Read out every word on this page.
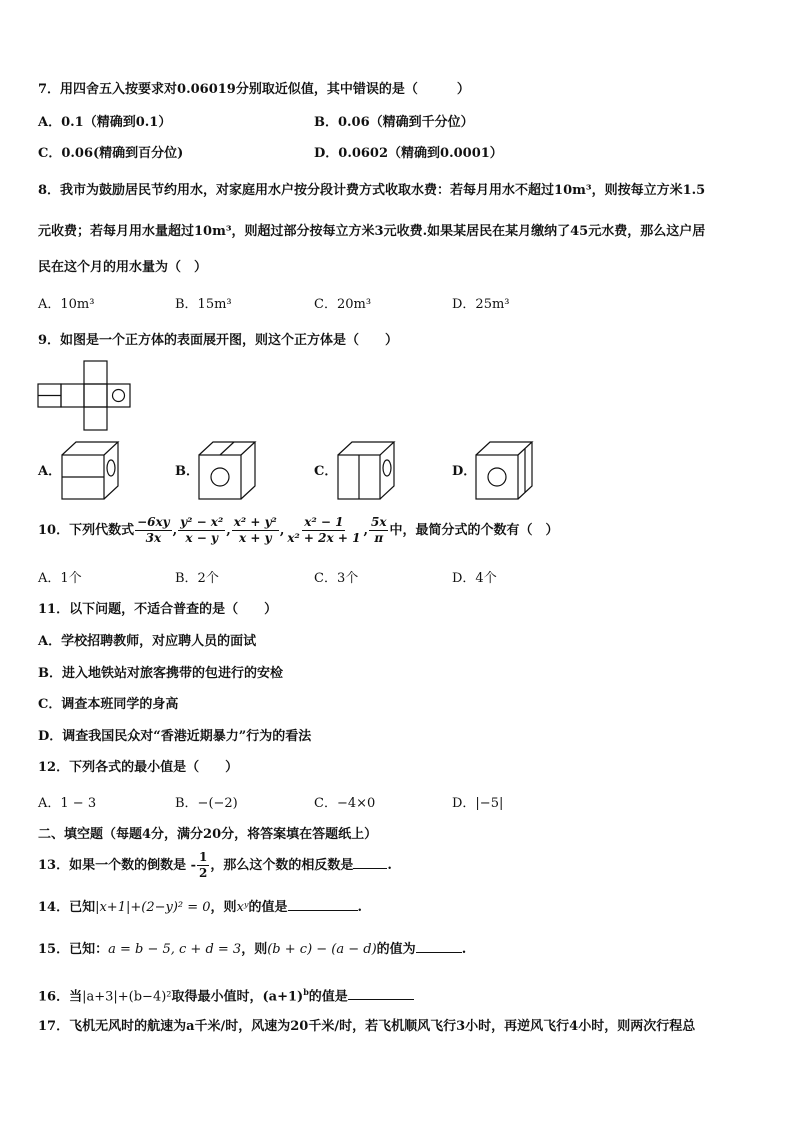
7．用四舍五入按要求对0.06019分别取近似值，其中错误的是（　　　）
A．0.1（精确到0.1）	B．0.06（精确到千分位）
C．0.06(精确到百分位)	D．0.0602（精确到0.0001）
8．我市为鼓励居民节约用水，对家庭用水户按分段计费方式收取水费：若每月用水不超过10m³，则按每立方米1.5
元收费；若每月用水量超过10m³，则超过部分按每立方米3元收费.如果某居民在某月缴纳了45元水费，那么这户居
民在这个月的用水量为（　）
A．10m³	B．15m³	C．20m³	D．25m³
9．如图是一个正方体的表面展开图，则这个正方体是（　　）
A．	B．	C．	D．
10．下列代数式 $\frac{-6xy}{3x}$ , $\frac{\text{y² − x²}}{x - y}$ , $\frac{\text{x² + y²}}{x + y}$ , $\frac{\text{x² − 1}}{\text{x² + 2x + 1}}$ , $\frac{5x}{\pi}$ 中，最简分式的个数有（　）
A．1个	B．2个	C．3个	D．4个
11．以下问题，不适合普查的是（　　）
A．学校招聘教师，对应聘人员的面试
B．进入地铁站对旅客携带的包进行的安检
C．调查本班同学的身高
D．调查我国民众对“香港近期暴力”行为的看法
12．下列各式的最小值是（　　）
A．1 − 3	B．−(−2)	C．−4×0	D．|−5|
二、填空题（每题4分，满分20分，将答案填在答题纸上）
13．如果一个数的倒数是 - $\frac{1}{2}$ ，那么这个数的相反数是	.
14．已知|x+1|+(2−y)² = 0，则xʸ的值是	.
15．已知：a = b − 5, c + d = 3，则(b + c) − (a − d)的值为	.
16．当|a+3|+(b−4)²取得最小值时，$(a+1)^b$的值是
17．飞机无风时的航速为a千米/时，风速为20千米/时，若飞机顺风飞行3小时，再逆风飞行4小时，则两次行程总
